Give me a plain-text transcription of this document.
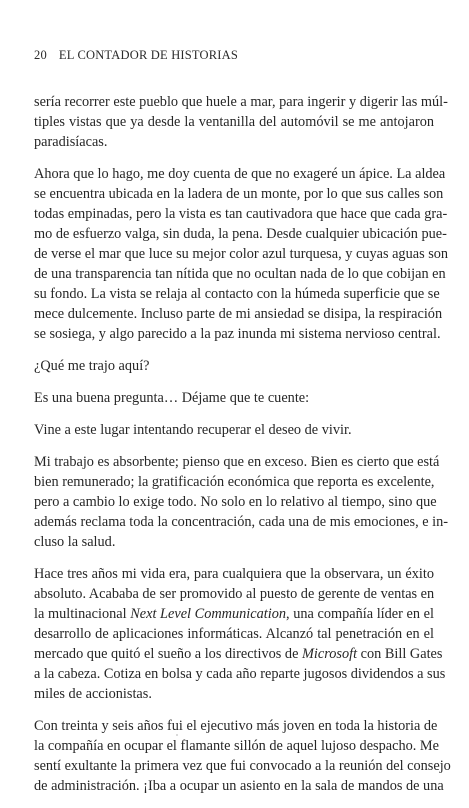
20 EL CONTADOR DE HISTORIAS
sería recorrer este pueblo que huele a mar, para ingerir y digerir las múl-
tiples vistas que ya desde la ventanilla del automóvil se me antojaron
paradisíacas.
Ahora que lo hago, me doy cuenta de que no exageré un ápice. La aldea
se encuentra ubicada en la ladera de un monte, por lo que sus calles son
todas empinadas, pero la vista es tan cautivadora que hace que cada gra-
mo de esfuerzo valga, sin duda, la pena. Desde cualquier ubicación pue-
de verse el mar que luce su mejor color azul turquesa, y cuyas aguas son
de una transparencia tan nítida que no ocultan nada de lo que cobijan en
su fondo. La vista se relaja al contacto con la húmeda superficie que se
mece dulcemente. Incluso parte de mi ansiedad se disipa, la respiración
se sosiega, y algo parecido a la paz inunda mi sistema nervioso central.
¿Qué me trajo aquí?
Es una buena pregunta… Déjame que te cuente:
Vine a este lugar intentando recuperar el deseo de vivir.
Mi trabajo es absorbente; pienso que en exceso. Bien es cierto que está
bien remunerado; la gratificación económica que reporta es excelente,
pero a cambio lo exige todo. No solo en lo relativo al tiempo, sino que
además reclama toda la concentración, cada una de mis emociones, e in-
cluso la salud.
Hace tres años mi vida era, para cualquiera que la observara, un éxito
absoluto. Acababa de ser promovido al puesto de gerente de ventas en
la multinacional Next Level Communication, una compañía líder en el
desarrollo de aplicaciones informáticas. Alcanzó tal penetración en el
mercado que quitó el sueño a los directivos de Microsoft con Bill Gates
a la cabeza. Cotiza en bolsa y cada año reparte jugosos dividendos a sus
miles de accionistas.
Con treinta y seis años fui el ejecutivo más joven en toda la historia de
la compañía en ocupar el flamante sillón de aquel lujoso despacho. Me
sentí exultante la primera vez que fui convocado a la reunión del consejo
de administración. ¡Iba a ocupar un asiento en la sala de mandos de una
